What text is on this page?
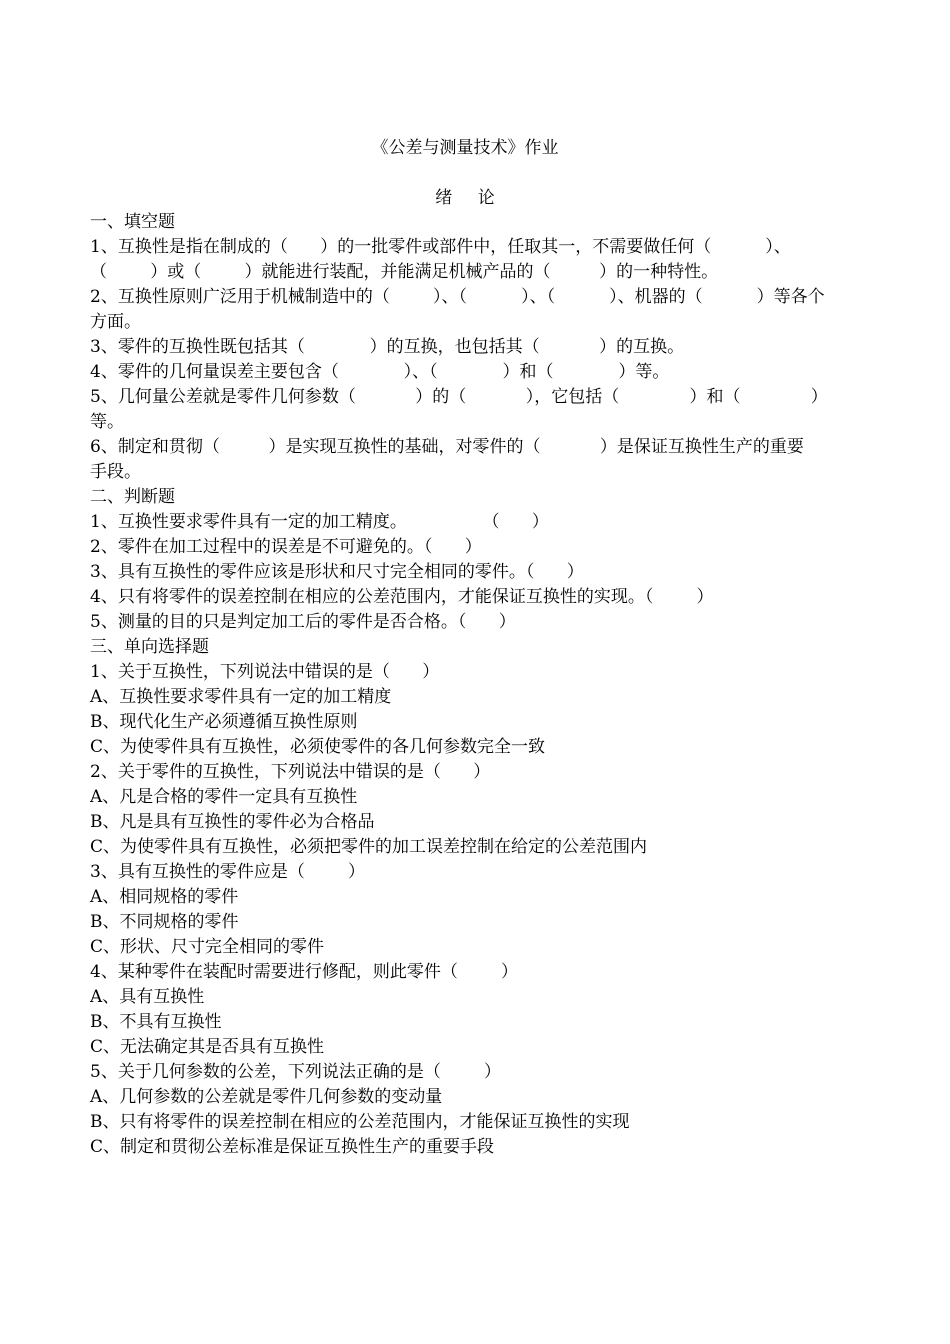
《公差与测量技术》作业
绪 论
一、填空题
1、互换性是指在制成的（      ）的一批零件或部件中，任取其一，不需要做任何（          ）、
（        ）或（        ）就能进行装配，并能满足机械产品的（         ）的一种特性。
2、互换性原则广泛用于机械制造中的（        ）、（          ）、（          ）、机器的（          ）等各个
方面。
3、零件的互换性既包括其（            ）的互换，也包括其（           ）的互换。
4、零件的几何量误差主要包含（            ）、（            ）和（            ）等。
5、几何量公差就是零件几何参数（           ）的（           ），它包括（             ）和（             ）
等。
6、制定和贯彻（         ）是实现互换性的基础，对零件的（           ）是保证互换性生产的重要
手段。
二、判断题
1、互换性要求零件具有一定的加工精度。              （      ）
2、零件在加工过程中的误差是不可避免的。（      ）
3、具有互换性的零件应该是形状和尺寸完全相同的零件。（      ）
4、只有将零件的误差控制在相应的公差范围内，才能保证互换性的实现。（        ）
5、测量的目的只是判定加工后的零件是否合格。（      ）
三、单向选择题
1、关于互换性，下列说法中错误的是（      ）
A、互换性要求零件具有一定的加工精度
B、现代化生产必须遵循互换性原则
C、为使零件具有互换性，必须使零件的各几何参数完全一致
2、关于零件的互换性，下列说法中错误的是（      ）
A、凡是合格的零件一定具有互换性
B、凡是具有互换性的零件必为合格品
C、为使零件具有互换性，必须把零件的加工误差控制在给定的公差范围内
3、具有互换性的零件应是（        ）
A、相同规格的零件
B、不同规格的零件
C、形状、尺寸完全相同的零件
4、某种零件在装配时需要进行修配，则此零件（        ）
A、具有互换性
B、不具有互换性
C、无法确定其是否具有互换性
5、关于几何参数的公差，下列说法正确的是（        ）
A、几何参数的公差就是零件几何参数的变动量
B、只有将零件的误差控制在相应的公差范围内，才能保证互换性的实现
C、制定和贯彻公差标准是保证互换性生产的重要手段
